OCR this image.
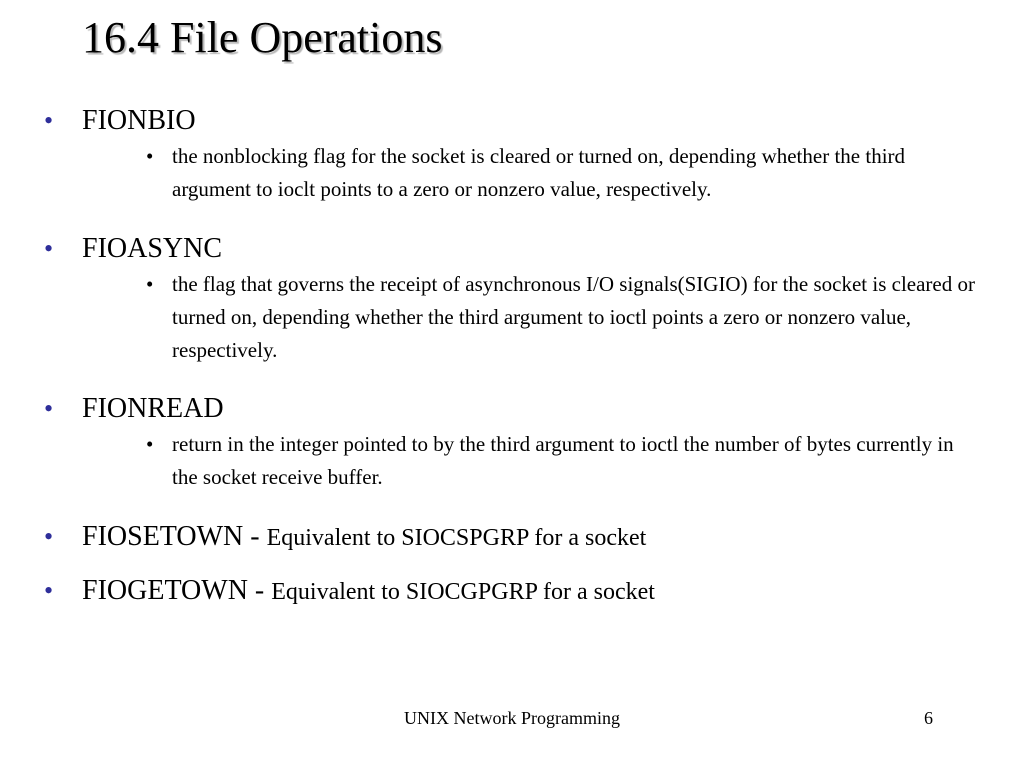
16.4 File Operations
• FIONBIO
• the nonblocking flag for the socket is cleared or turned on, depending whether the third argument to ioclt points to a zero or nonzero value, respectively.
• FIOASYNC
• the flag that governs the receipt of asynchronous I/O signals(SIGIO) for the socket is cleared or turned on, depending whether the third argument to ioctl points a zero or nonzero value, respectively.
• FIONREAD
• return in the integer pointed to by the third argument to ioctl the number of bytes currently in the socket receive buffer.
• FIOSETOWN - Equivalent to SIOCSPGRP for a socket
• FIOGETOWN - Equivalent to SIOCGPGRP for a socket
UNIX Network Programming	6
